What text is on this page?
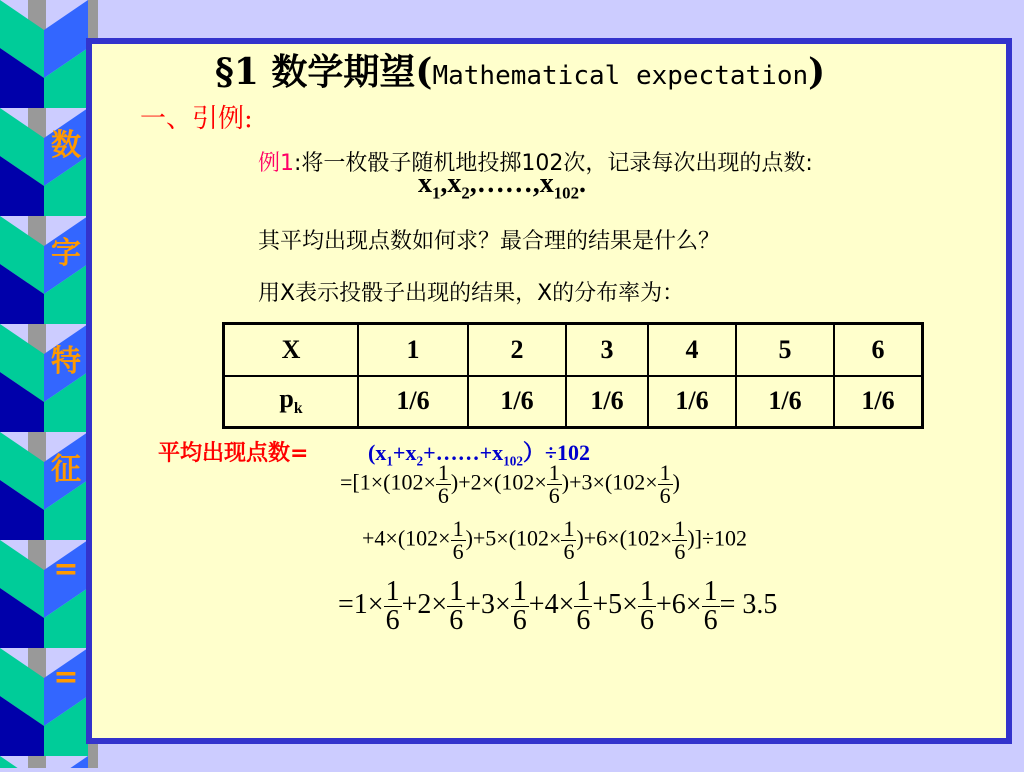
数
字
特
征
=
=
§1 数学期望(Mathematical expectation)
一、引例:
例1:将一枚骰子随机地投掷102次，记录每次出现的点数:
$x_1,x_2,\dots\dots,x_{102}$.
其平均出现点数如何求？最合理的结果是什么？
用X表示投骰子出现的结果，X的分布率为：
X	1	2	3	4	5	6
$p_k$	1/6	1/6	1/6	1/6	1/6	1/6
平均出现点数=	$(x_1+x_2+\dots\dots+x_{102})\div 102$
$=[1\times(102\times \frac{1}{6} )+2\times(102\times \frac{1}{6} )+3\times(102\times \frac{1}{6}$ )
$+4\times(102\times \frac{1}{6} )+5\times(102\times \frac{1}{6} )+6\times(102\times \frac{1}{6} )]\div 102$
$=1\times \frac{1}{6} +2\times \frac{1}{6} +3\times \frac{1}{6} +4\times \frac{1}{6} +5\times \frac{1}{6} +6\times \frac{1}{6} = 3.5$
